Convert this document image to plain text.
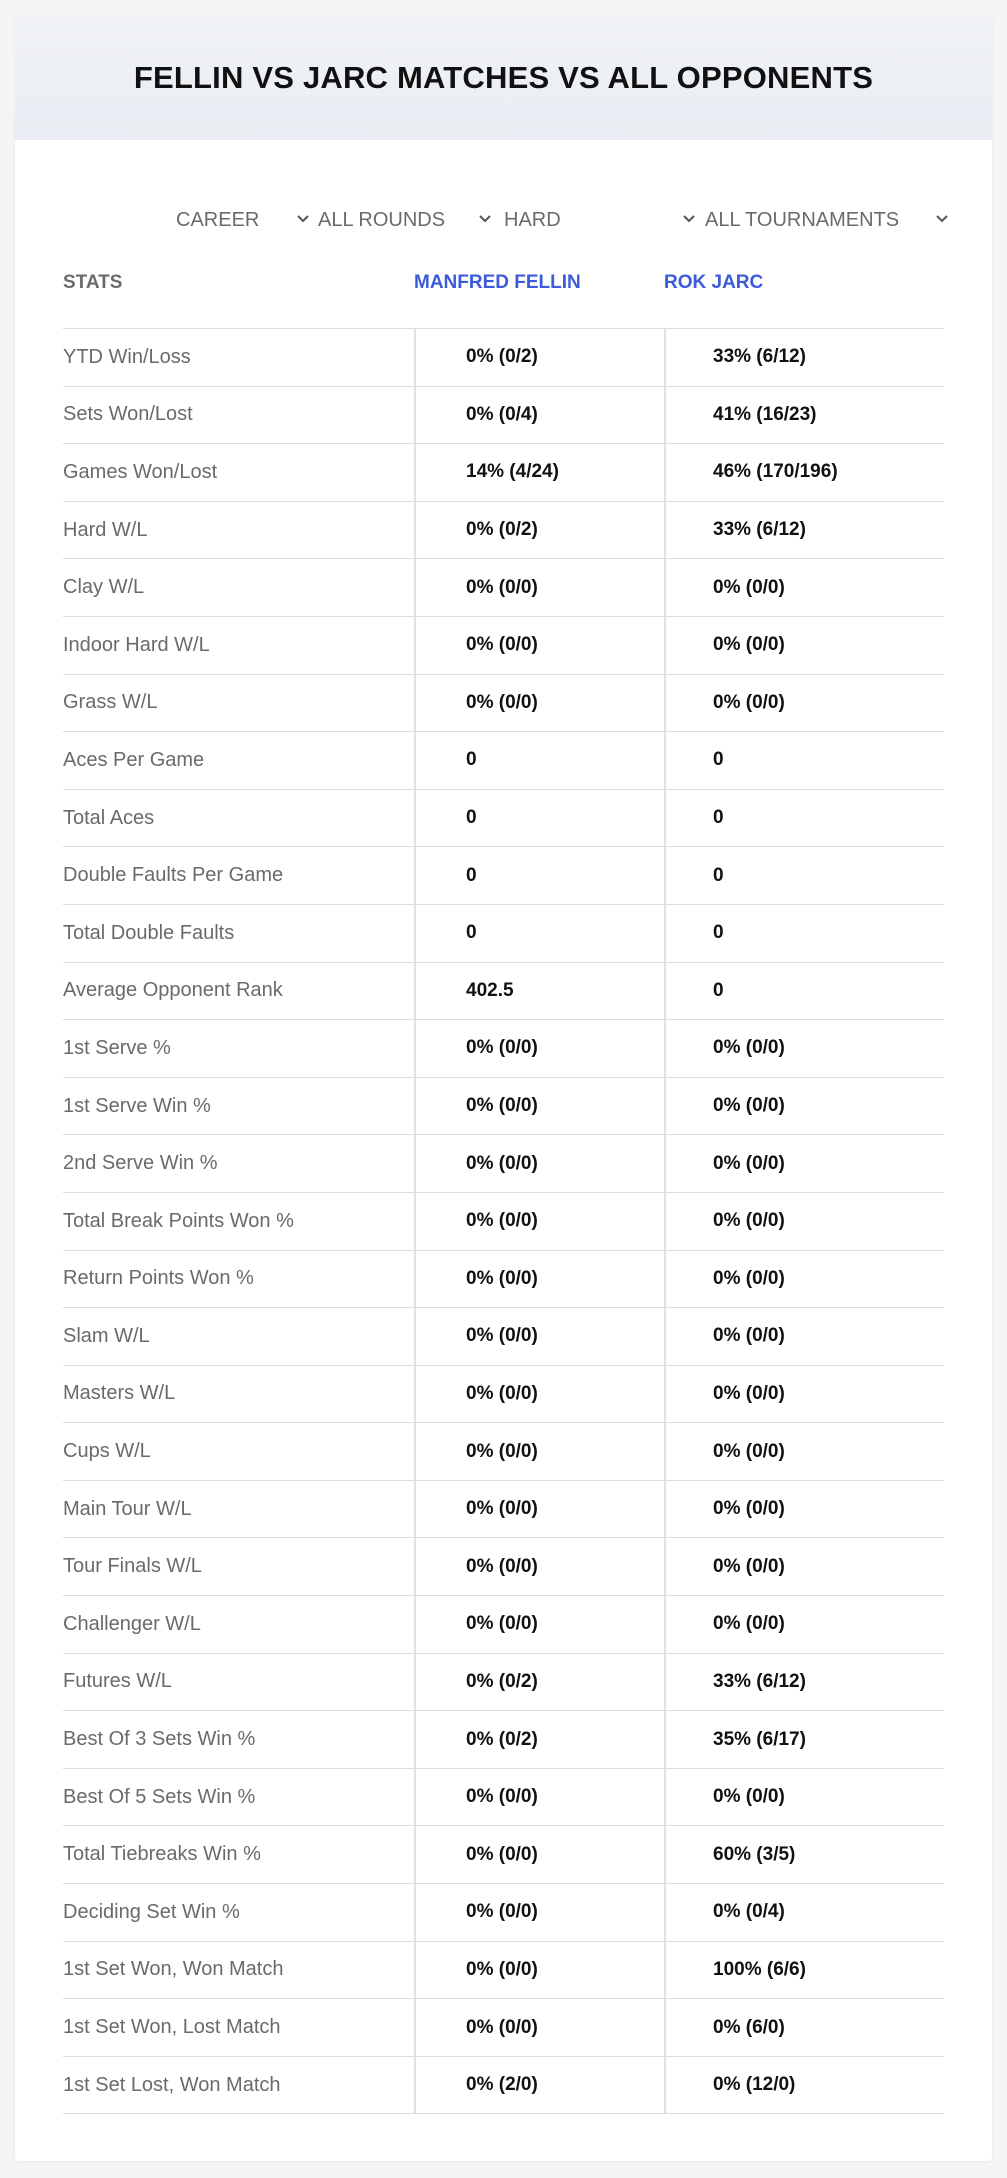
FELLIN VS JARC MATCHES VS ALL OPPONENTS
CAREER	ALL ROUNDS	HARD	ALL TOURNAMENTS
STATS	MANFRED FELLIN	ROK JARC
YTD Win/Loss	0% (0/2)	33% (6/12)
Sets Won/Lost	0% (0/4)	41% (16/23)
Games Won/Lost	14% (4/24)	46% (170/196)
Hard W/L	0% (0/2)	33% (6/12)
Clay W/L	0% (0/0)	0% (0/0)
Indoor Hard W/L	0% (0/0)	0% (0/0)
Grass W/L	0% (0/0)	0% (0/0)
Aces Per Game	0	0
Total Aces	0	0
Double Faults Per Game	0	0
Total Double Faults	0	0
Average Opponent Rank	402.5	0
1st Serve %	0% (0/0)	0% (0/0)
1st Serve Win %	0% (0/0)	0% (0/0)
2nd Serve Win %	0% (0/0)	0% (0/0)
Total Break Points Won %	0% (0/0)	0% (0/0)
Return Points Won %	0% (0/0)	0% (0/0)
Slam W/L	0% (0/0)	0% (0/0)
Masters W/L	0% (0/0)	0% (0/0)
Cups W/L	0% (0/0)	0% (0/0)
Main Tour W/L	0% (0/0)	0% (0/0)
Tour Finals W/L	0% (0/0)	0% (0/0)
Challenger W/L	0% (0/0)	0% (0/0)
Futures W/L	0% (0/2)	33% (6/12)
Best Of 3 Sets Win %	0% (0/2)	35% (6/17)
Best Of 5 Sets Win %	0% (0/0)	0% (0/0)
Total Tiebreaks Win %	0% (0/0)	60% (3/5)
Deciding Set Win %	0% (0/0)	0% (0/4)
1st Set Won, Won Match	0% (0/0)	100% (6/6)
1st Set Won, Lost Match	0% (0/0)	0% (6/0)
1st Set Lost, Won Match	0% (2/0)	0% (12/0)
